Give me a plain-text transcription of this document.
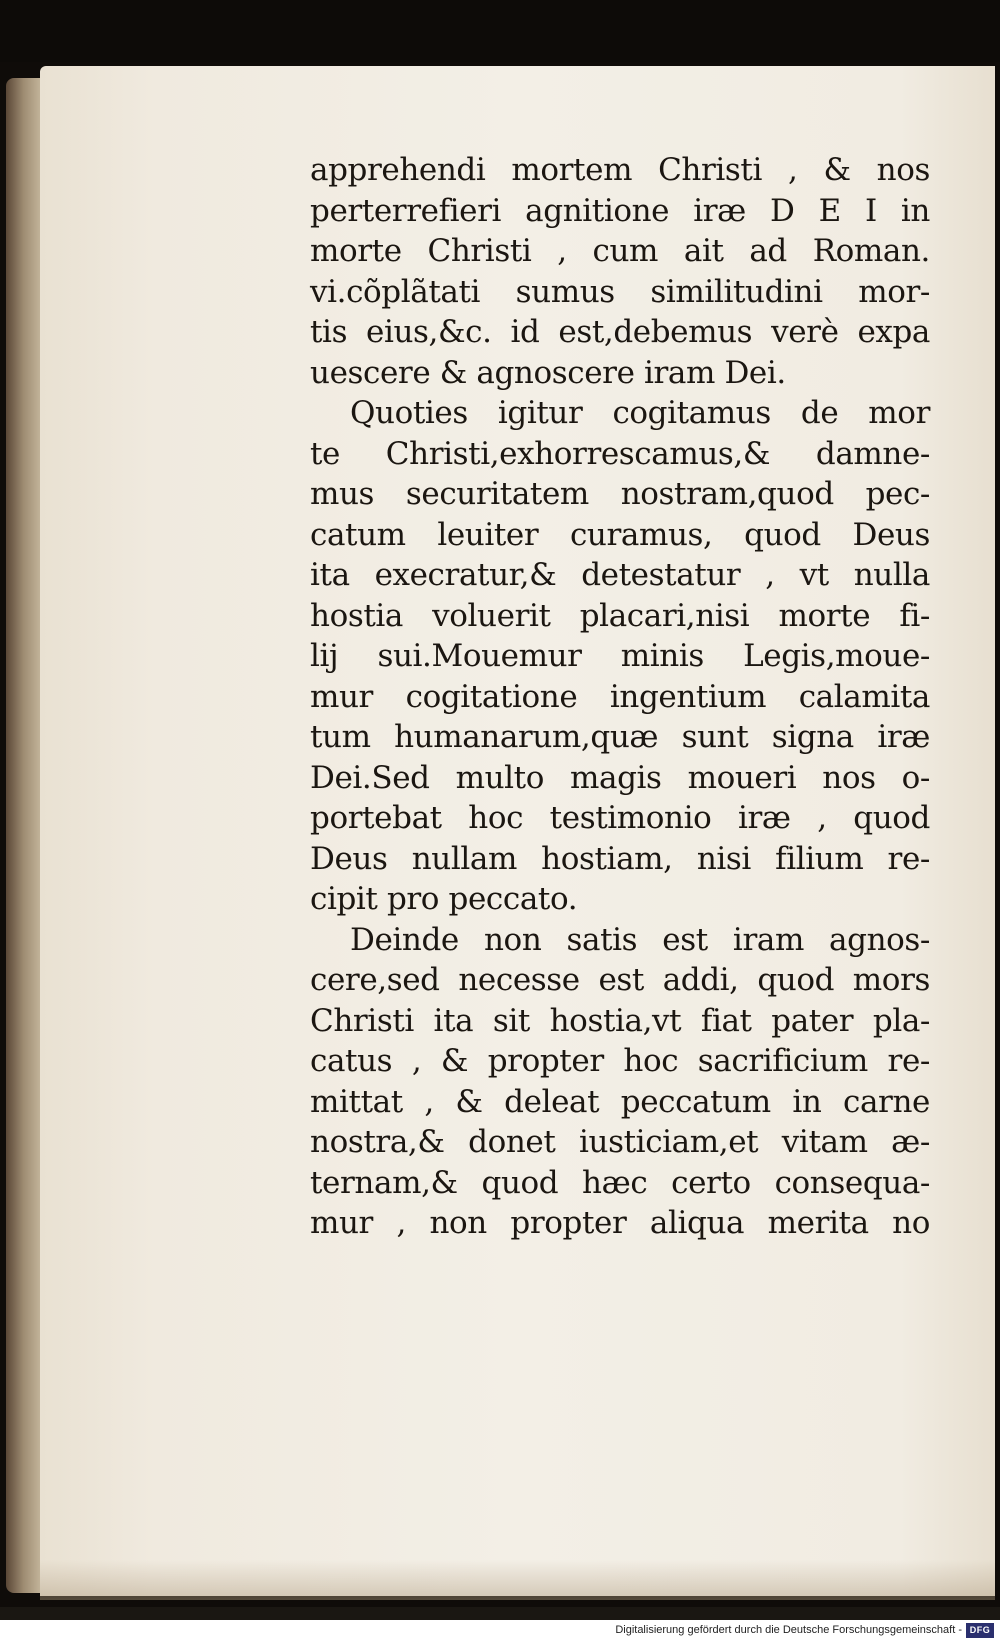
apprehendi mortem Christi , & nos
perterrefieri agnitione iræ D E I in
morte Christi , cum ait ad Roman.
vi.cõplãtati sumus similitudini mor-
tis eius,&c. id est,debemus verè expa
uescere & agnoscere iram Dei.
Quoties igitur cogitamus de mor
te Christi,exhorrescamus,& damne-
mus securitatem nostram,quod pec-
catum leuiter curamus, quod Deus
ita execratur,& detestatur , vt nulla
hostia voluerit placari,nisi morte fi-
lij sui.Mouemur minis Legis,moue-
mur cogitatione ingentium calamita
tum humanarum,quæ sunt signa iræ
Dei.Sed multo magis moueri nos o-
portebat hoc testimonio iræ , quod
Deus nullam hostiam, nisi filium re-
cipit pro peccato.
Deinde non satis est iram agnos-
cere,sed necesse est addi, quod mors
Christi ita sit hostia,vt fiat pater pla-
catus , & propter hoc sacrificium re-
mittat , & deleat peccatum in carne
nostra,& donet iusticiam,et vitam æ-
ternam,& quod hæc certo consequa-
mur , non propter aliqua merita no
Digitalisierung gefördert durch die Deutsche Forschungsgemeinschaft - DFG
